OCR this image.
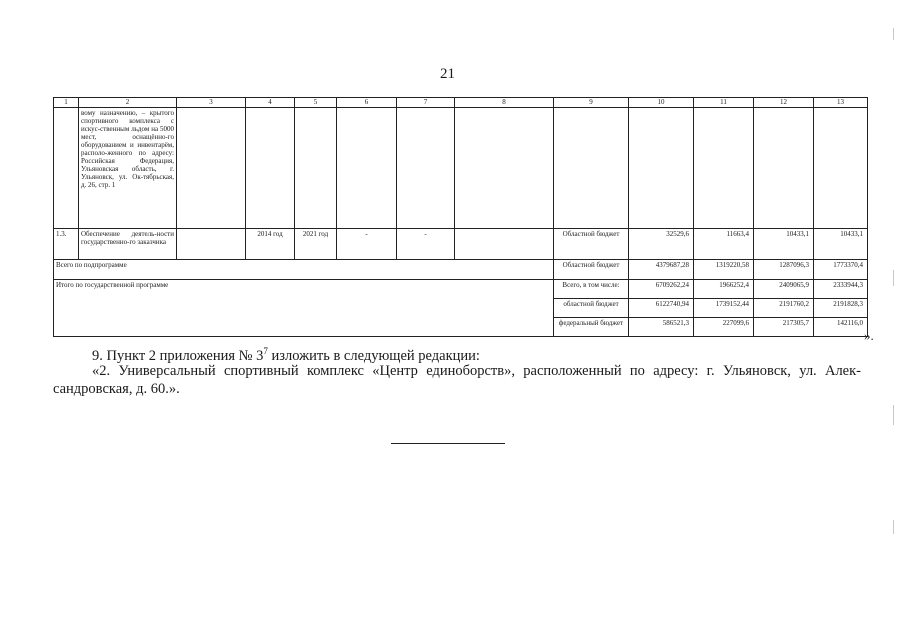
21
1	2	3	4	5	6	7	8	9	10	11	12	13
	вому назначению, – крытого спортивного комплекса с искус-ственным льдом на 5000 мест, оснащённо-го оборудованием и инвентарём, располо-женного по адресу: Российская Федерация, Ульяновская область, г. Ульяновск, ул. Ок-тябрьская, д. 26, стр. 1											
1.3.	Обеспечение деятель-ности государственно-го заказчика		2014 год	2021 год	-	-		Областной бюджет	32529,6	11663,4	10433,1	10433,1
Всего по подпрограмме								Областной бюджет	4379687,28	1319220,58	1287096,3	1773370,4
Итого по государственной программе								Всего, в том числе:	6709262,24	1966252,4	2409065,9	2333944,3
								областной бюджет	6122740,94	1739152,44	2191760,2	2191828,3
								федеральный бюджет	586521,3	227099,6	217305,7	142116,0
».
9. Пункт 2 приложения № $3^7$ изложить в следующей редакции:
«2. Универсальный спортивный комплекс «Центр единоборств», расположенный по адресу: г. Ульяновск, ул. Алек-сандровская, д. 60.».
